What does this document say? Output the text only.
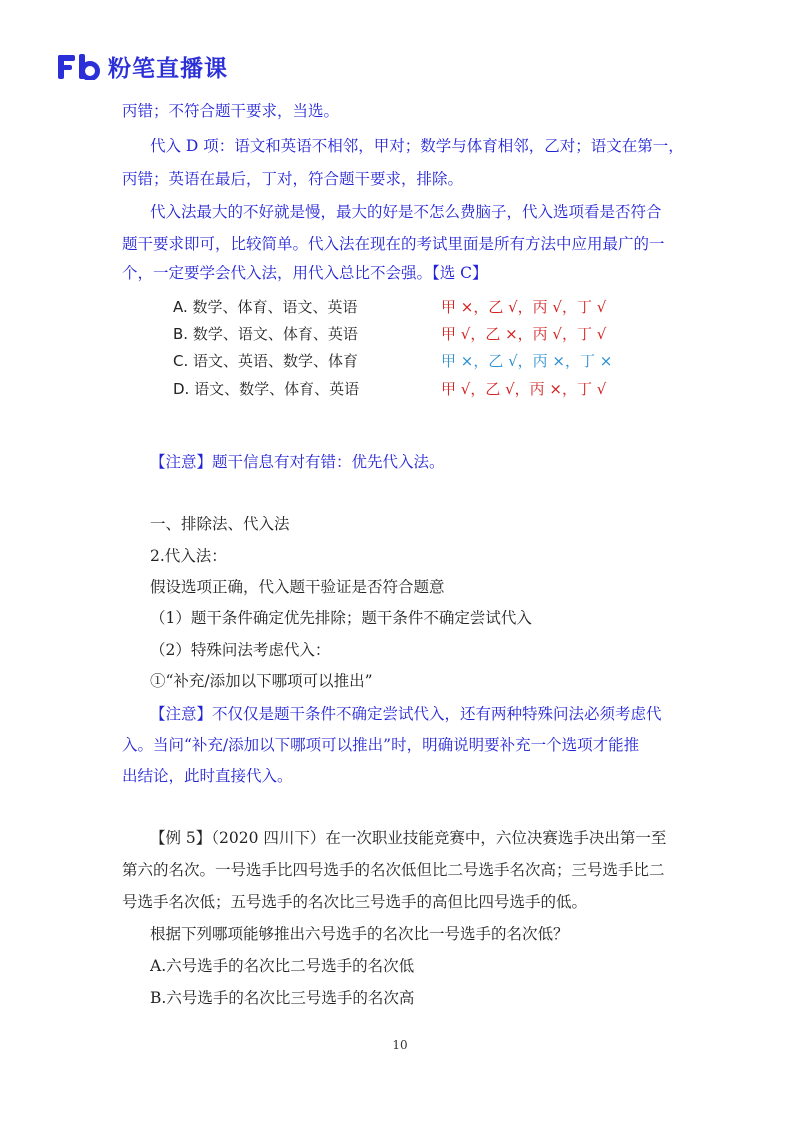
粉笔直播课
丙错；不符合题干要求，当选。
代入 D 项：语文和英语不相邻，甲对；数学与体育相邻，乙对；语文在第一，
丙错；英语在最后，丁对，符合题干要求，排除。
代入法最大的不好就是慢，最大的好是不怎么费脑子，代入选项看是否符合
题干要求即可，比较简单。代入法在现在的考试里面是所有方法中应用最广的一
个，一定要学会代入法，用代入总比不会强。【选 C】
A. 数学、体育、语文、英语
B. 数学、语文、体育、英语
C. 语文、英语、数学、体育
D. 语文、数学、体育、英语
甲 ×，乙 √，丙 √，丁 √
甲 √，乙 ×，丙 √，丁 √
甲 ×，乙 √，丙 ×，丁 ×
甲 √，乙 √，丙 ×，丁 √
【注意】题干信息有对有错：优先代入法。
一、排除法、代入法
2.代入法：
假设选项正确，代入题干验证是否符合题意
（1）题干条件确定优先排除；题干条件不确定尝试代入
（2）特殊问法考虑代入：
①“补充/添加以下哪项可以推出”
【注意】不仅仅是题干条件不确定尝试代入，还有两种特殊问法必须考虑代
入。当问“补充/添加以下哪项可以推出”时，明确说明要补充一个选项才能推
出结论，此时直接代入。
【例 5】（2020 四川下）在一次职业技能竞赛中，六位决赛选手决出第一至
第六的名次。一号选手比四号选手的名次低但比二号选手名次高；三号选手比二
号选手名次低；五号选手的名次比三号选手的高但比四号选手的低。
根据下列哪项能够推出六号选手的名次比一号选手的名次低？
A.六号选手的名次比二号选手的名次低
B.六号选手的名次比三号选手的名次高
10
